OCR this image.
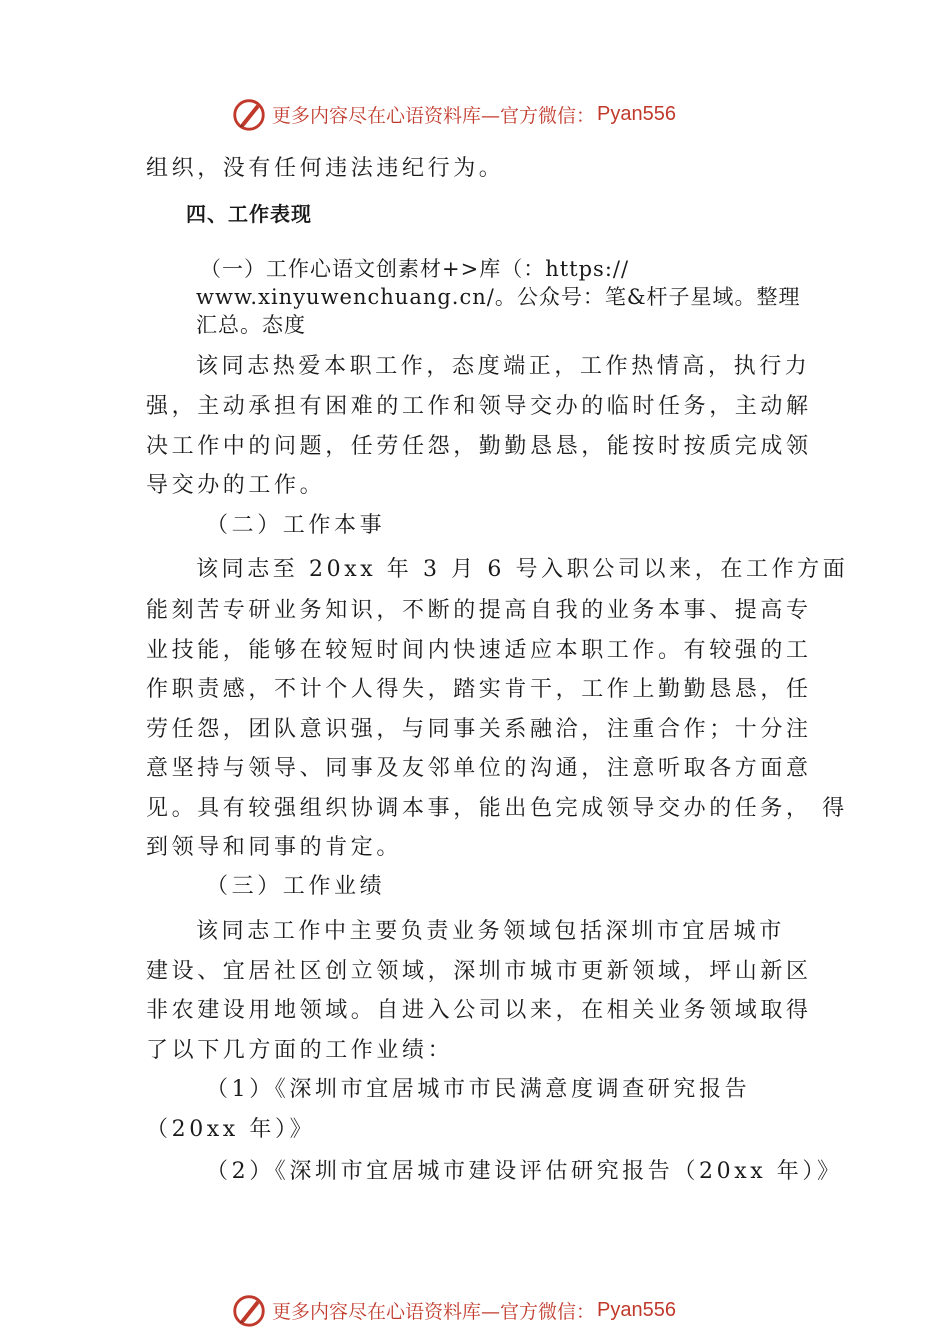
更多内容尽在心语资料库—官方微信： Pyan556
组织，没有任何违法违纪行为。
四、工作表现
（一）工作心语文创素材+>库（：https://
www.xinyuwenchuang.cn/。公众号：笔&杆子星域。整理
汇总。态度
该同志热爱本职工作，态度端正，工作热情高，执行力
强，主动承担有困难的工作和领导交办的临时任务，主动解
决工作中的问题，任劳任怨，勤勤恳恳，能按时按质完成领
导交办的工作。
（二）工作本事
该同志至 20xx 年 3 月 6 号入职公司以来，在工作方面
能刻苦专研业务知识，不断的提高自我的业务本事、提高专
业技能，能够在较短时间内快速适应本职工作。有较强的工
作职责感，不计个人得失，踏实肯干，工作上勤勤恳恳，任
劳任怨，团队意识强，与同事关系融洽，注重合作；十分注
意坚持与领导、同事及友邻单位的沟通，注意听取各方面意
见。具有较强组织协调本事，能出色完成领导交办的任务， 得
到领导和同事的肯定。
（三）工作业绩
该同志工作中主要负责业务领域包括深圳市宜居城市
建设、宜居社区创立领域，深圳市城市更新领域，坪山新区
非农建设用地领域。自进入公司以来，在相关业务领域取得
了以下几方面的工作业绩：
（1）《深圳市宜居城市市民满意度调查研究报告
（20xx 年）》
（2）《深圳市宜居城市建设评估研究报告（20xx 年）》
更多内容尽在心语资料库—官方微信： Pyan556
